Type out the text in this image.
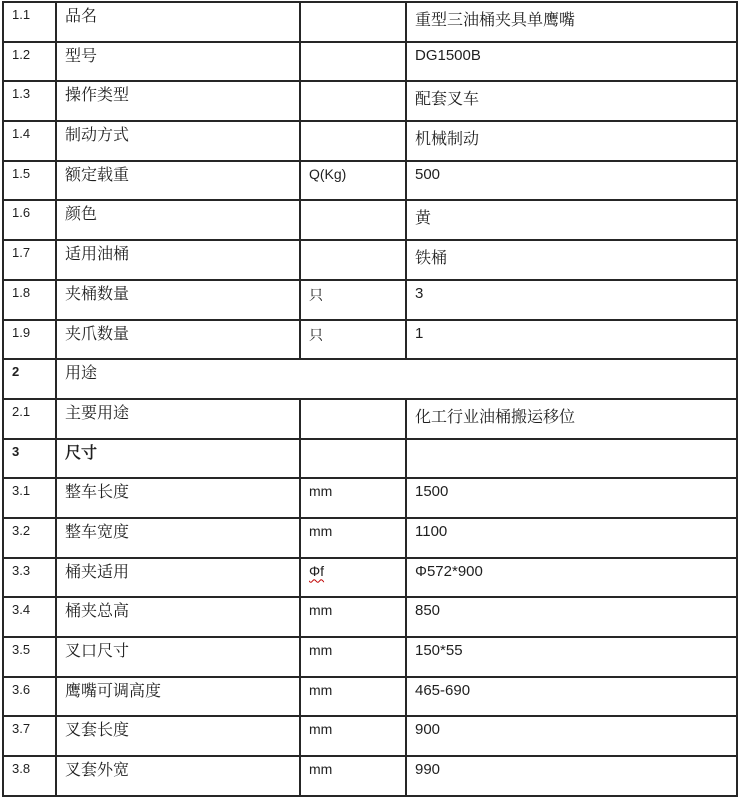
1.1	品名		重型三油桶夹具单鹰嘴
1.2	型号		DG1500B
1.3	操作类型		配套叉车
1.4	制动方式		机械制动
1.5	额定载重	Q(Kg)	500
1.6	颜色		黄
1.7	适用油桶		铁桶
1.8	夹桶数量	只	3
1.9	夹爪数量	只	1
2	用途		
2.1	主要用途		化工行业油桶搬运移位
3	尺寸		
3.1	整车长度	mm	1500
3.2	整车宽度	mm	1100
3.3	桶夹适用	Φf	Φ572*900
3.4	桶夹总高	mm	850
3.5	叉口尺寸	mm	150*55
3.6	鹰嘴可调高度	mm	465-690
3.7	叉套长度	mm	900
3.8	叉套外宽	mm	990
